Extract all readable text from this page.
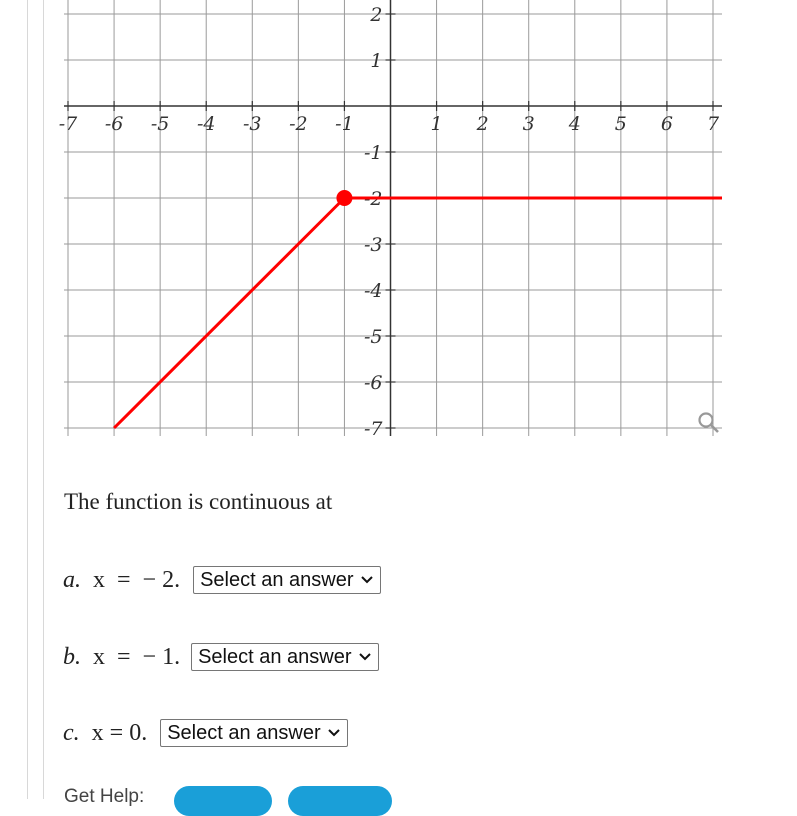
-7 -6 -5 -4 -3 -2 -1	1 2 3 4 5 6 7
2
1
-1
-2
-3
-4
-5
-6
-7
The function is continuous at
a. x  =  − 2. Select an answer
b. x  =  − 1. Select an answer
c. x = 0. Select an answer
Get Help:
